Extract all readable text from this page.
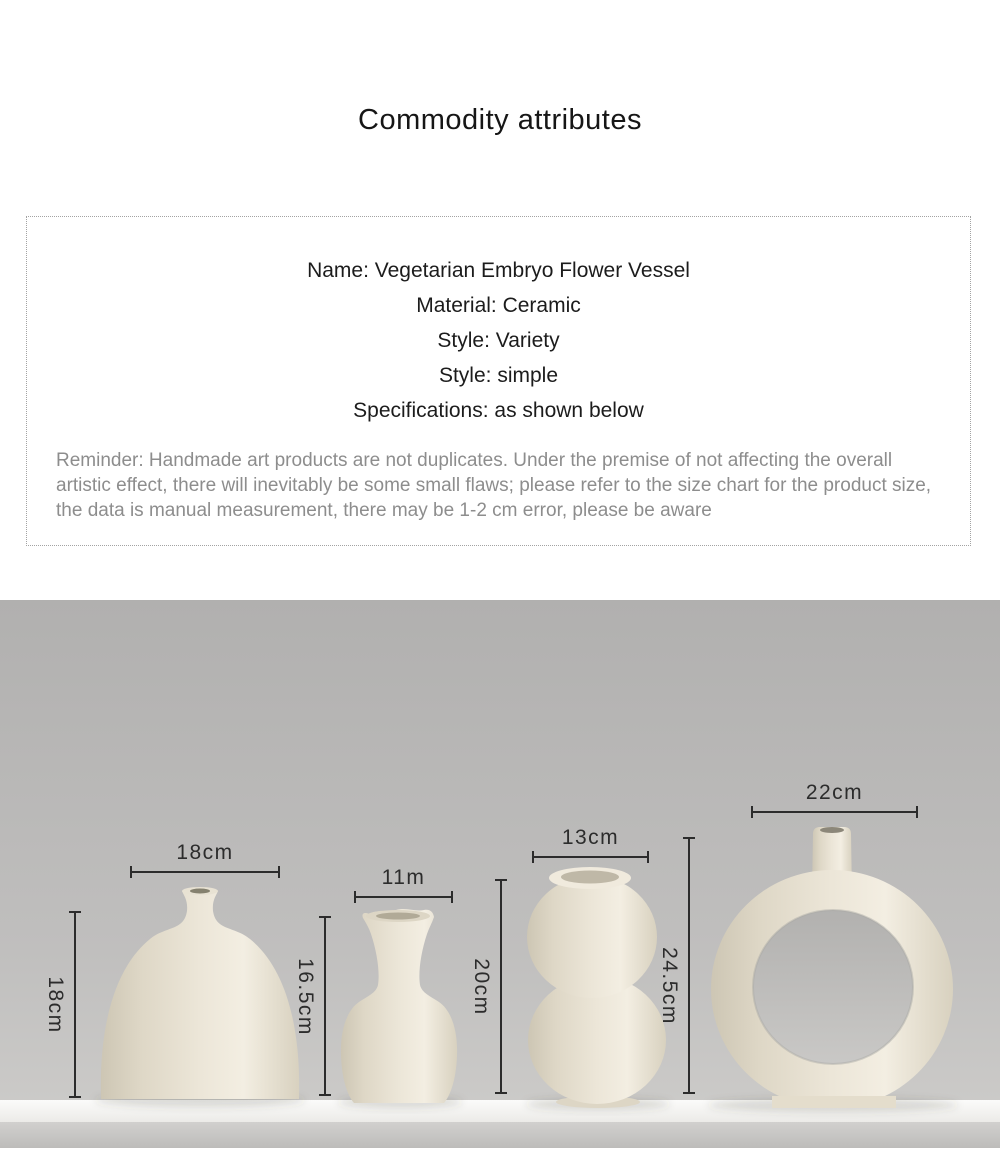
Commodity attributes
Name: Vegetarian Embryo Flower Vessel
Material: Ceramic
Style: Variety
Style: simple
Specifications: as shown below

Reminder: Handmade art products are not duplicates. Under the premise of not affecting the overall artistic effect, there will inevitably be some small flaws; please refer to the size chart for the product size, the data is manual measurement, there may be 1-2 cm error, please be aware

18cm
18cm
11m
16.5cm
13cm
20cm
22cm
24.5cm
